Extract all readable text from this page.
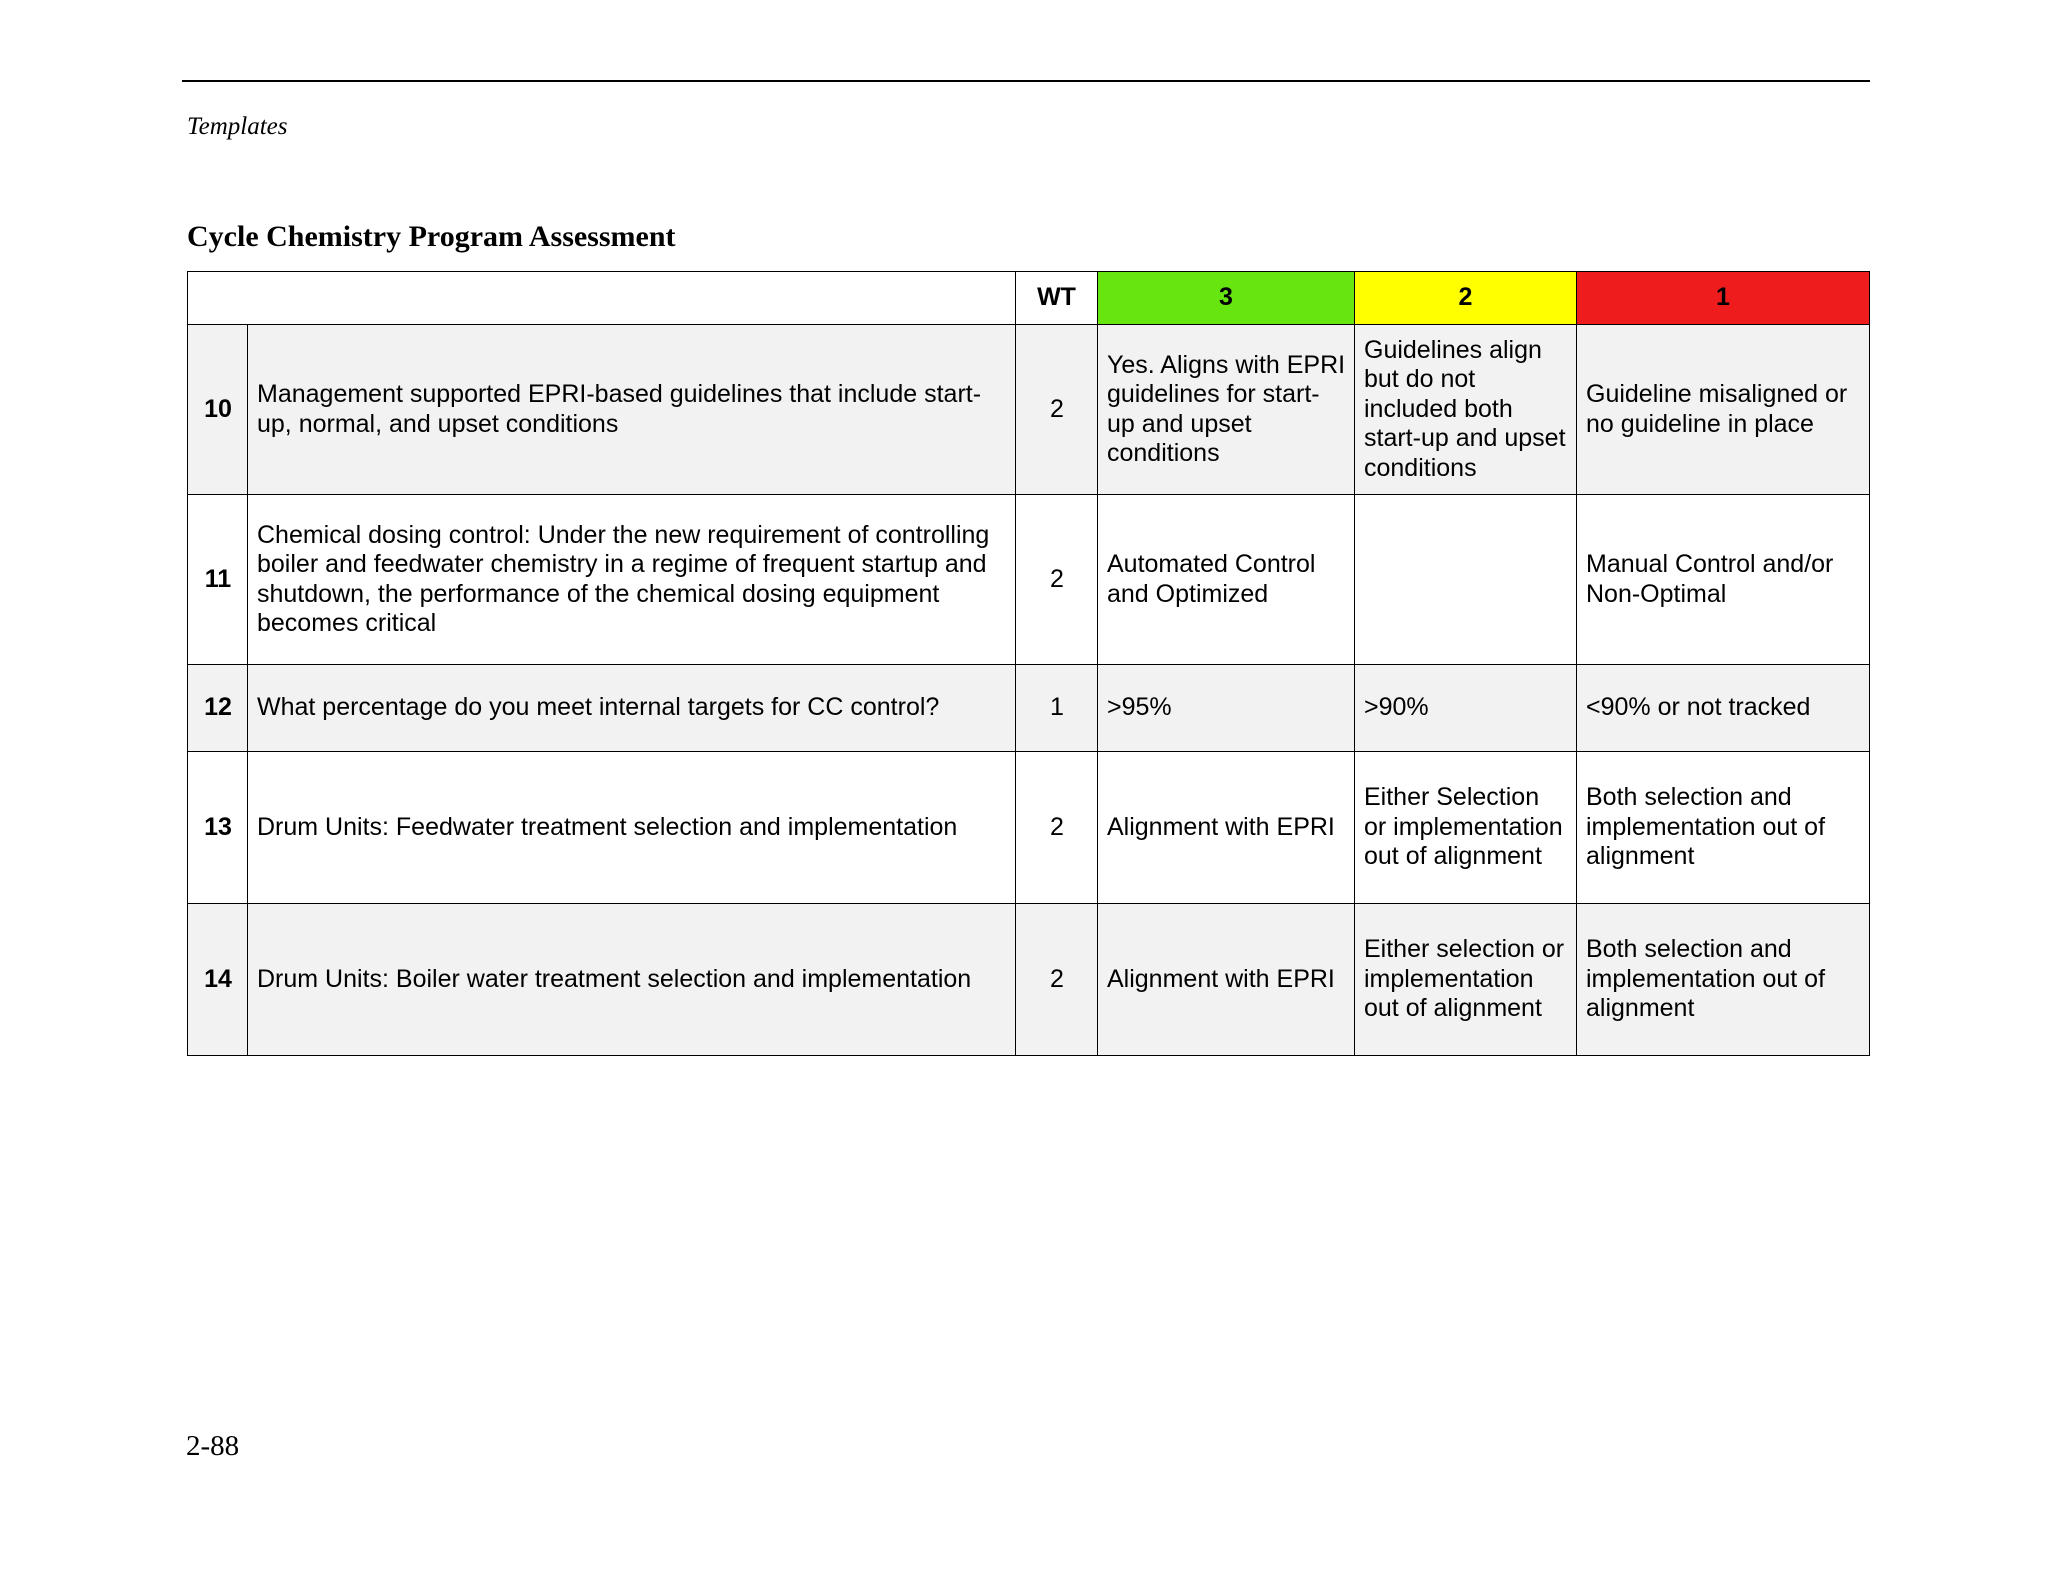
Templates
Cycle Chemistry Program Assessment
		WT	3	2	1
10	Management supported EPRI-based guidelines that include start-up, normal, and upset conditions	2	Yes. Aligns with EPRI guidelines for start-up and upset conditions	Guidelines align but do not included both start-up and upset conditions	Guideline misaligned or no guideline in place
11	Chemical dosing control: Under the new requirement of controlling boiler and feedwater chemistry in a regime of frequent startup and shutdown, the performance of the chemical dosing equipment becomes critical	2	Automated Control and Optimized		Manual Control and/or Non-Optimal
12	What percentage do you meet internal targets for CC control?	1	>95%	>90%	<90% or not tracked
13	Drum Units: Feedwater treatment selection and implementation	2	Alignment with EPRI	Either Selection or implementation out of alignment	Both selection and implementation out of alignment
14	Drum Units: Boiler water treatment selection and implementation	2	Alignment with EPRI	Either selection or implementation out of alignment	Both selection and implementation out of alignment
2-88
